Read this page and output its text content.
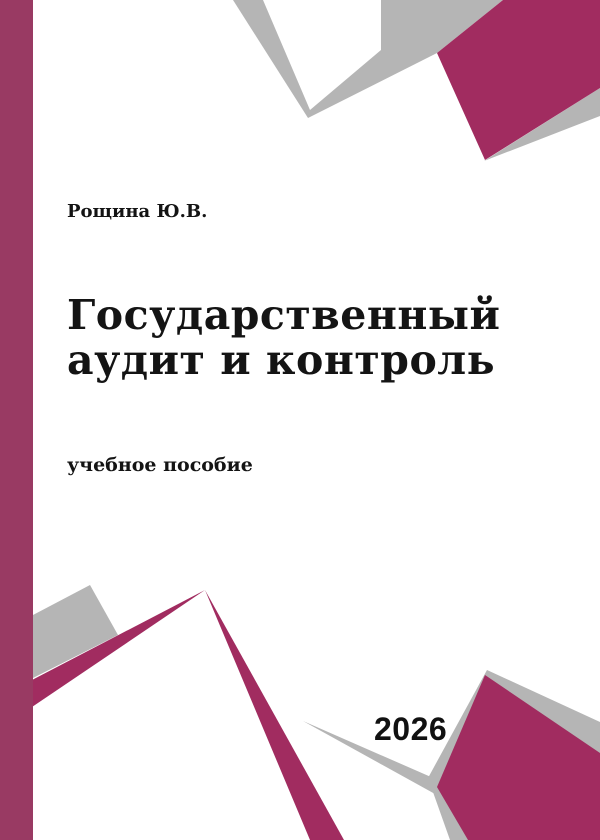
Рощина Ю.В.
Государственный
аудит и контроль
учебное пособие
2026
